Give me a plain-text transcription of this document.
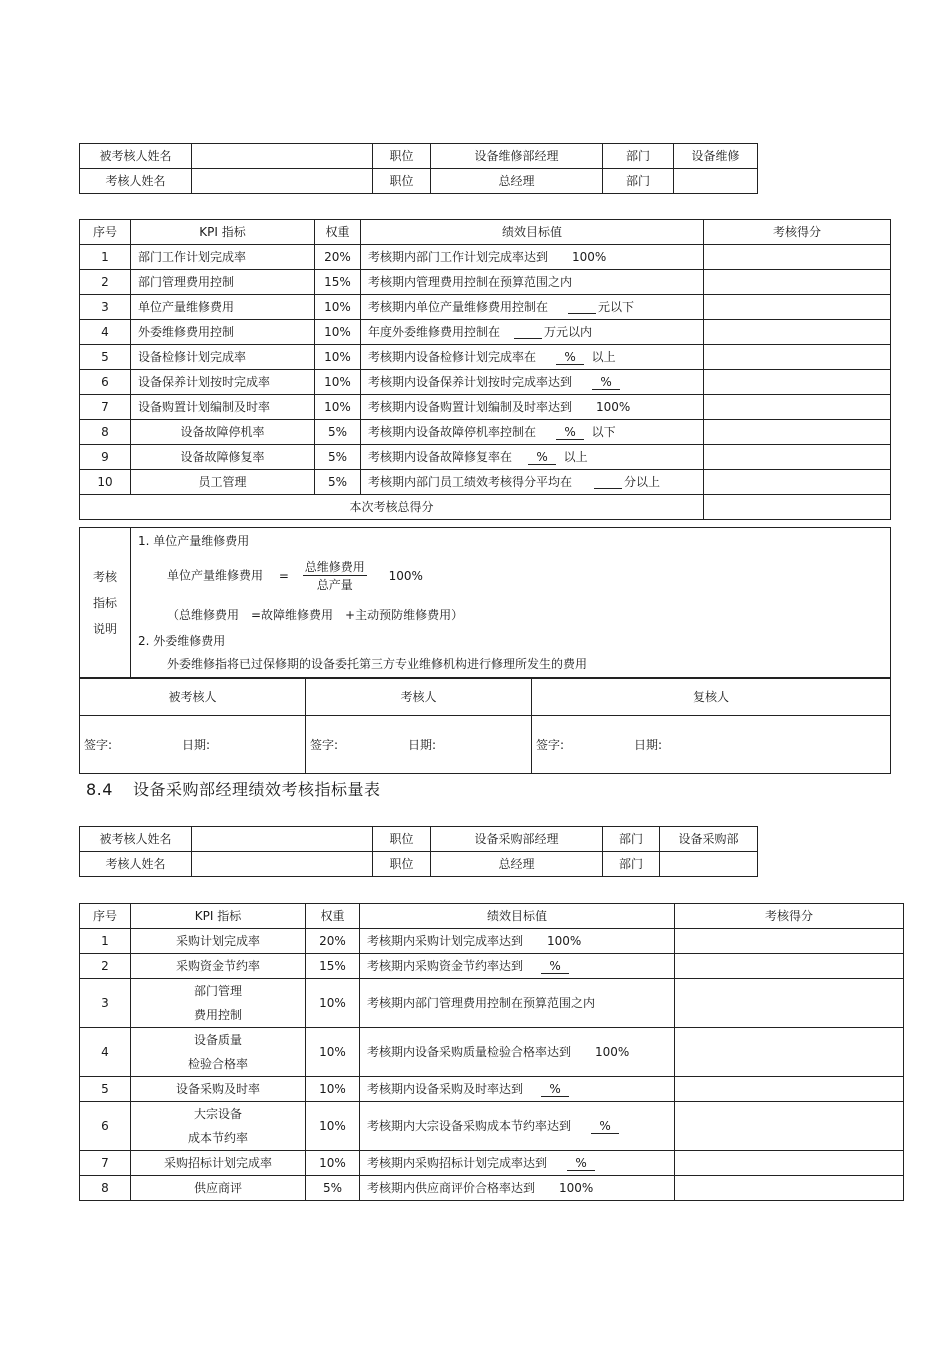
被考核人姓名		职位	设备维修部经理	部门	设备维修
考核人姓名		职位	总经理	部门	
序号	KPI 指标	权重	绩效目标值	考核得分
1	部门工作计划完成率	20%	考核期内部门工作计划完成率达到 100%	
2	部门管理费用控制	15%	考核期内管理费用控制在预算范围之内	
3	单位产量维修费用	10%	考核期内单位产量维修费用控制在 元以下	
4	外委维修费用控制	10%	年度外委维修费用控制在 万元以内	
5	设备检修计划完成率	10%	考核期内设备检修计划完成率在 % 以上	
6	设备保养计划按时完成率	10%	考核期内设备保养计划按时完成率达到 %	
7	设备购置计划编制及时率	10%	考核期内设备购置计划编制及时率达到 100%	
8	设备故障停机率	5%	考核期内设备故障停机率控制在 % 以下	
9	设备故障修复率	5%	考核期内设备故障修复率在 % 以上	
10	员工管理	5%	考核期内部门员工绩效考核得分平均在 分以上	
本次考核总得分				
考核
指标
说明	
1. 单位产量维修费用
单位产量维修费用 = $\frac{\text{总维修费用}}{\text{总产量}} 100\%$
（总维修费用　=故障维修费用　+主动预防维修费用）
2. 外委维修费用
外委维修指将已过保修期的设备委托第三方专业维修机构进行修理所发生的费用
被考核人	考核人	复核人
签字: 日期:	签字: 日期:	签字: 日期:
8.4 设备采购部经理绩效考核指标量表
被考核人姓名		职位	设备采购部经理	部门	设备采购部
考核人姓名		职位	总经理	部门	
序号	KPI 指标	权重	绩效目标值	考核得分
1	采购计划完成率	20%	考核期内采购计划完成率达到 100%	
2	采购资金节约率	15%	考核期内采购资金节约率达到 %	
3	部门管理
费用控制	10%	考核期内部门管理费用控制在预算范围之内	
4	设备质量
检验合格率	10%	考核期内设备采购质量检验合格率达到 100%	
5	设备采购及时率	10%	考核期内设备采购及时率达到 %	
6	大宗设备
成本节约率	10%	考核期内大宗设备采购成本节约率达到 %	
7	采购招标计划完成率	10%	考核期内采购招标计划完成率达到 %	
8	供应商评	5%	考核期内供应商评价合格率达到 100%	
